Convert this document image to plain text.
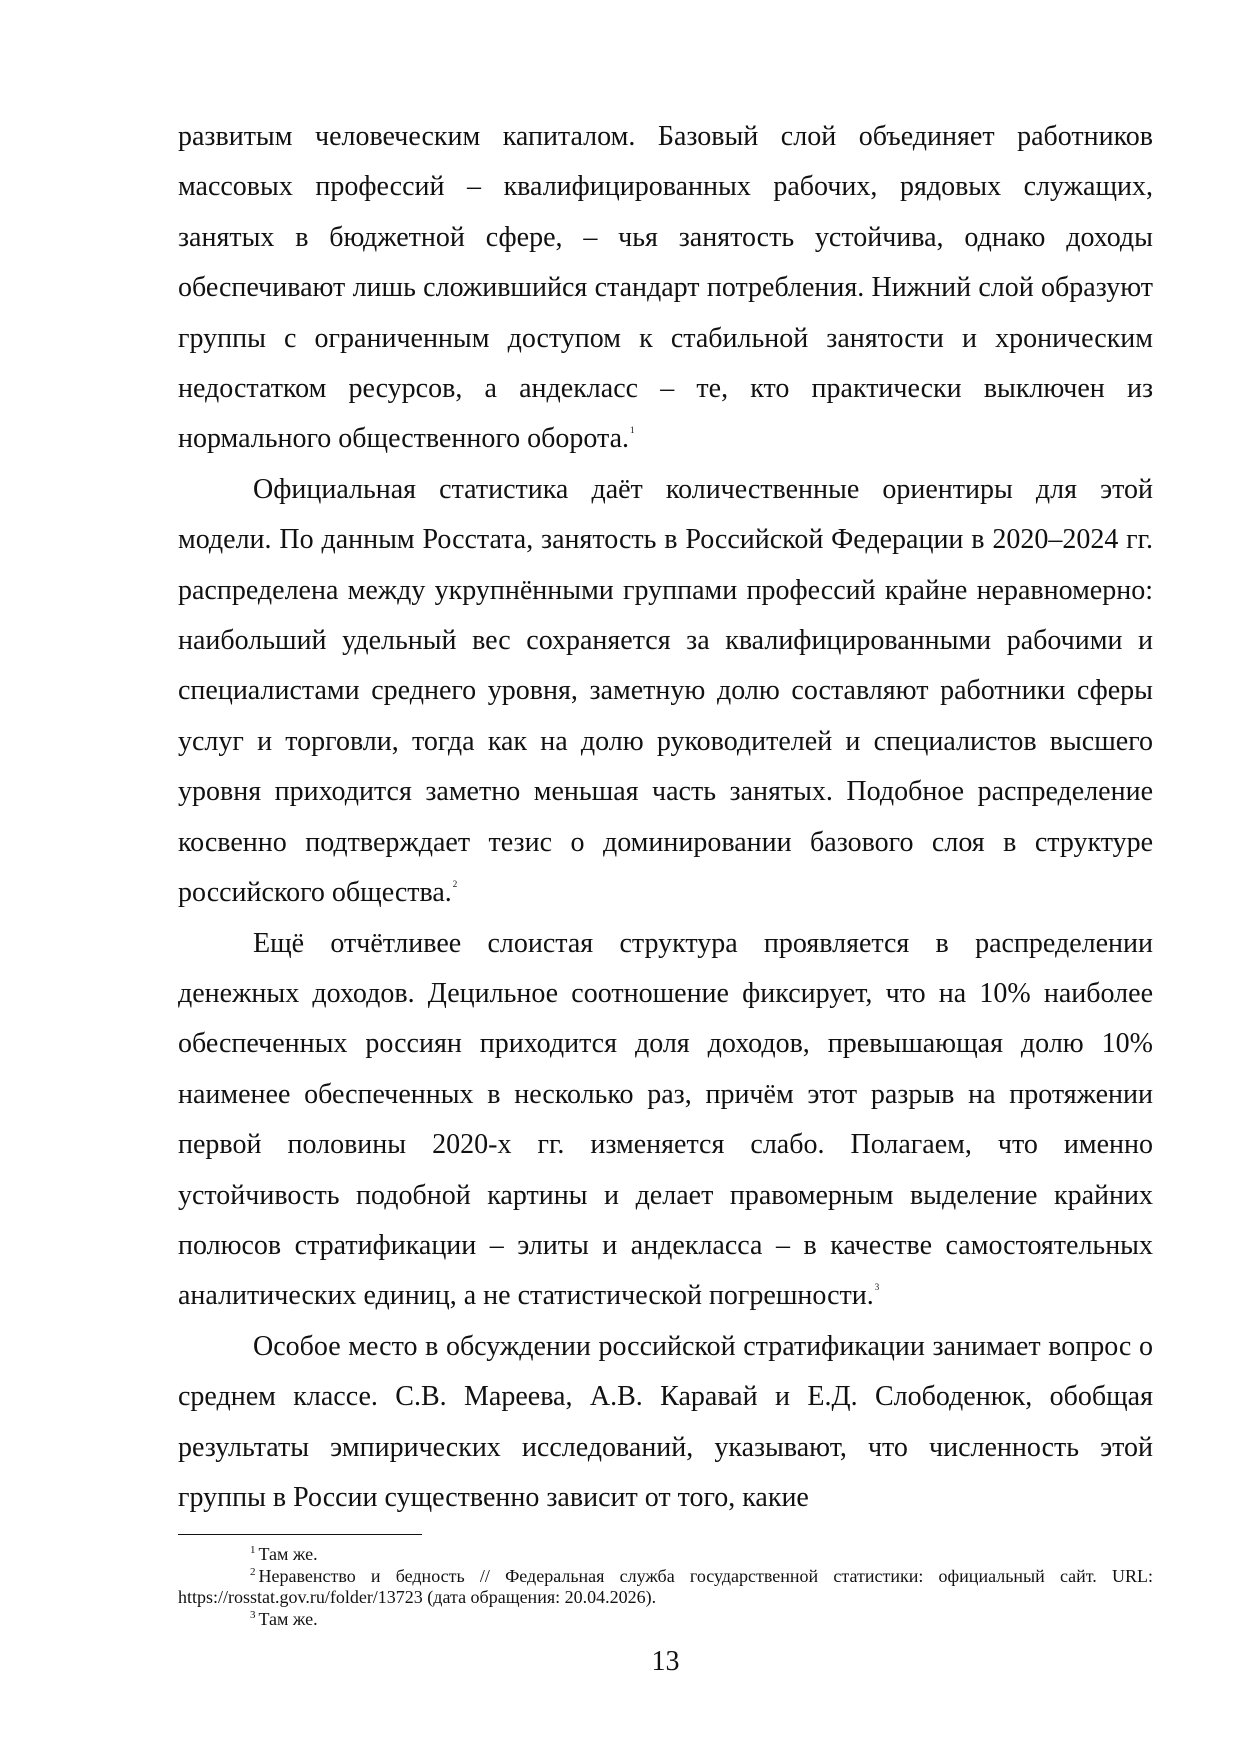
развитым человеческим капиталом. Базовый слой объединяет работников массовых профессий – квалифицированных рабочих, рядовых служащих, занятых в бюджетной сфере, – чья занятость устойчива, однако доходы обеспечивают лишь сложившийся стандарт потребления. Нижний слой образуют группы с ограниченным доступом к стабильной занятости и хроническим недостатком ресурсов, а андекласс – те, кто практически выключен из нормального общественного оборота.$^1$

Официальная статистика даёт количественные ориентиры для этой модели. По данным Росстата, занятость в Российской Федерации в 2020–2024 гг. распределена между укрупнёнными группами профессий крайне неравномерно: наибольший удельный вес сохраняется за квалифицированными рабочими и специалистами среднего уровня, заметную долю составляют работники сферы услуг и торговли, тогда как на долю руководителей и специалистов высшего уровня приходится заметно меньшая часть занятых. Подобное распределение косвенно подтверждает тезис о доминировании базового слоя в структуре российского общества.$^2$

Ещё отчётливее слоистая структура проявляется в распределении денежных доходов. Децильное соотношение фиксирует, что на 10% наиболее обеспеченных россиян приходится доля доходов, превышающая долю 10% наименее обеспеченных в несколько раз, причём этот разрыв на протяжении первой половины 2020-х гг. изменяется слабо. Полагаем, что именно устойчивость подобной картины и делает правомерным выделение крайних полюсов стратификации – элиты и андекласса – в качестве самостоятельных аналитических единиц, а не статистической погрешности.$^3$

Особое место в обсуждении российской стратификации занимает вопрос о среднем классе. С.В. Мареева, А.В. Каравай и Е.Д. Слободенюк, обобщая результаты эмпирических исследований, указывают, что численность этой группы в России существенно зависит от того, какие

$^1$ Там же.

$^2$ Неравенство и бедность // Федеральная служба государственной статистики: официальный сайт. URL: https://rosstat.gov.ru/folder/13723 (дата обращения: 20.04.2026).

$^3$ Там же.

13
